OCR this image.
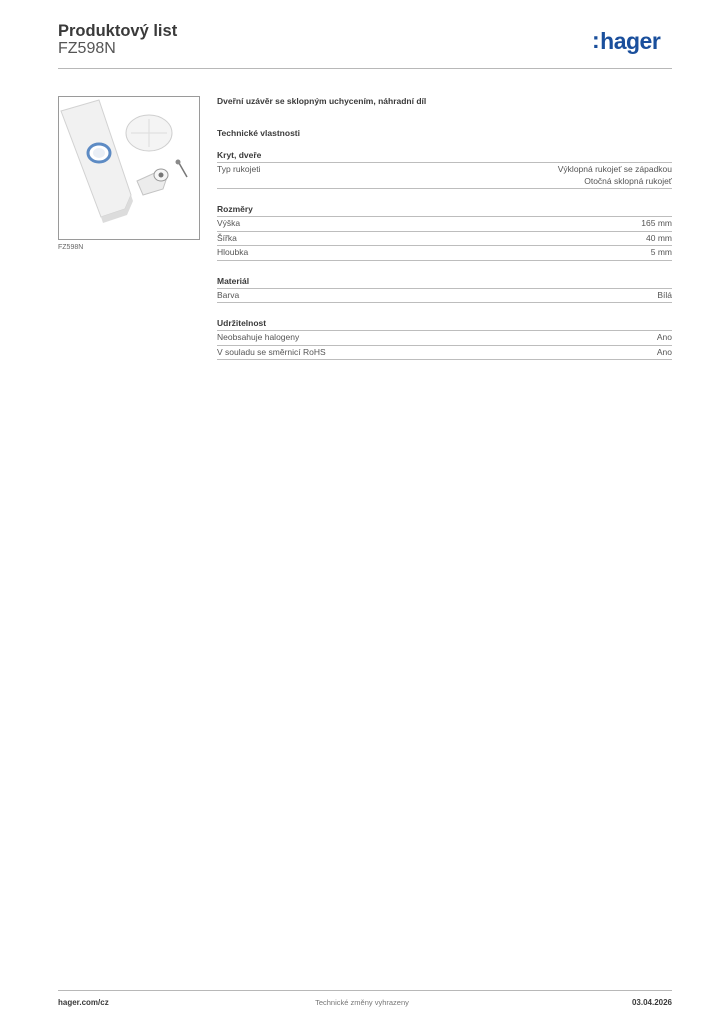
Produktový list
FZ598N	:hager
FZ598N
Dveřní uzávěr se sklopným uchycením, náhradní díl
Technické vlastnosti
Kryt, dveře
Typ rukojeti	Výklopná rukojeť se západkou
Otočná sklopná rukojeť
Rozměry
Výška	165 mm
Šířka	40 mm
Hloubka	5 mm
Materiál
Barva	Bílá
Udržitelnost
Neobsahuje halogeny	Ano
V souladu se směrnicí RoHS	Ano
hager.com/cz	Technické změny vyhrazeny	03.04.2026
